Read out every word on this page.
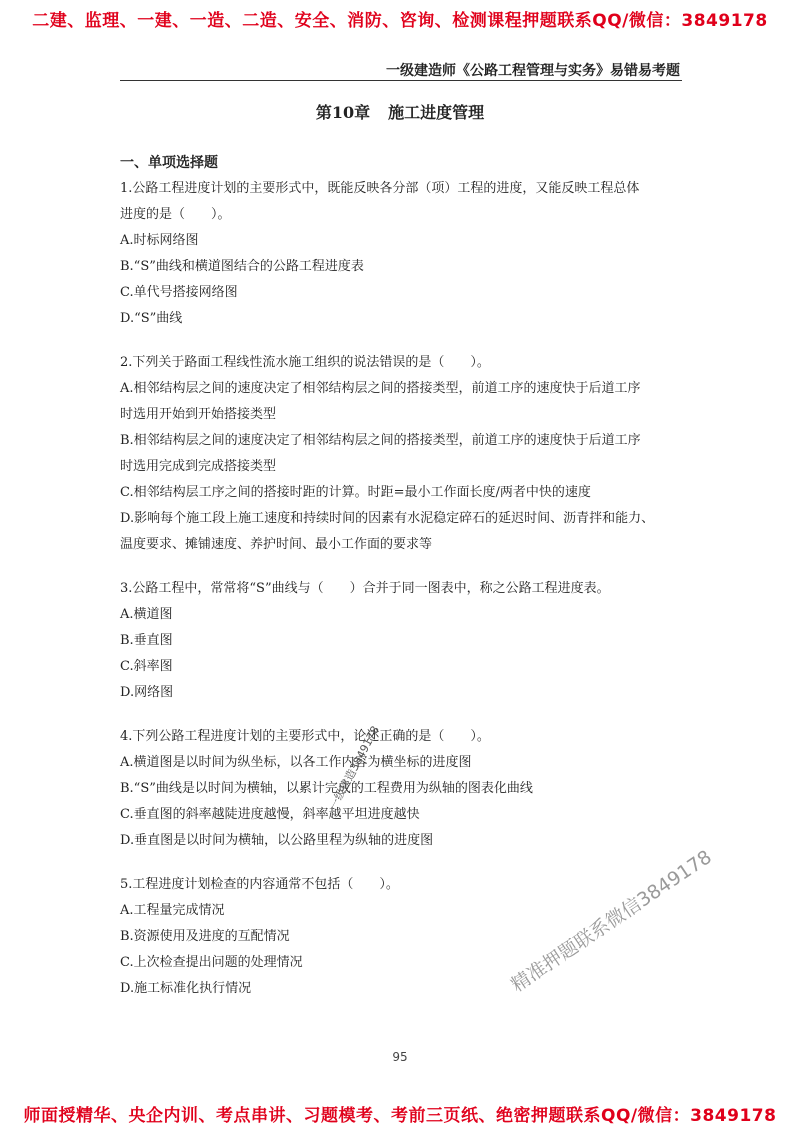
二建、监理、一建、一造、二造、安全、消防、咨询、检测课程押题联系QQ/微信：3849178
一级建造师《公路工程管理与实务》易错易考题
第10章 施工进度管理
一、单项选择题
1.公路工程进度计划的主要形式中，既能反映各分部（项）工程的进度，又能反映工程总体
进度的是（　　）。
A.时标网络图
B.“S”曲线和横道图结合的公路工程进度表
C.单代号搭接网络图
D.“S”曲线
2.下列关于路面工程线性流水施工组织的说法错误的是（　　）。
A.相邻结构层之间的速度决定了相邻结构层之间的搭接类型，前道工序的速度快于后道工序
时选用开始到开始搭接类型
B.相邻结构层之间的速度决定了相邻结构层之间的搭接类型，前道工序的速度快于后道工序
时选用完成到完成搭接类型
C.相邻结构层工序之间的搭接时距的计算。时距=最小工作面长度/两者中快的速度
D.影响每个施工段上施工速度和持续时间的因素有水泥稳定碎石的延迟时间、沥青拌和能力、
温度要求、摊铺速度、养护时间、最小工作面的要求等
3.公路工程中，常常将“S”曲线与（　　）合并于同一图表中，称之公路工程进度表。
A.横道图
B.垂直图
C.斜率图
D.网络图
4.下列公路工程进度计划的主要形式中，论述正确的是（　　）。
A.横道图是以时间为纵坐标，以各工作内容为横坐标的进度图
B.“S”曲线是以时间为横轴，以累计完成的工程费用为纵轴的图表化曲线
C.垂直图的斜率越陡进度越慢，斜率越平坦进度越快
D.垂直图是以时间为横轴，以公路里程为纵轴的进度图
5.工程进度计划检查的内容通常不包括（　　）。
A.工程量完成情况
B.资源使用及进度的互配情况
C.上次检查提出问题的处理情况
D.施工标准化执行情况
一级建造3849178
精准押题联系微信3849178
95
师面授精华、央企内训、考点串讲、习题模考、考前三页纸、绝密押题联系QQ/微信：3849178
